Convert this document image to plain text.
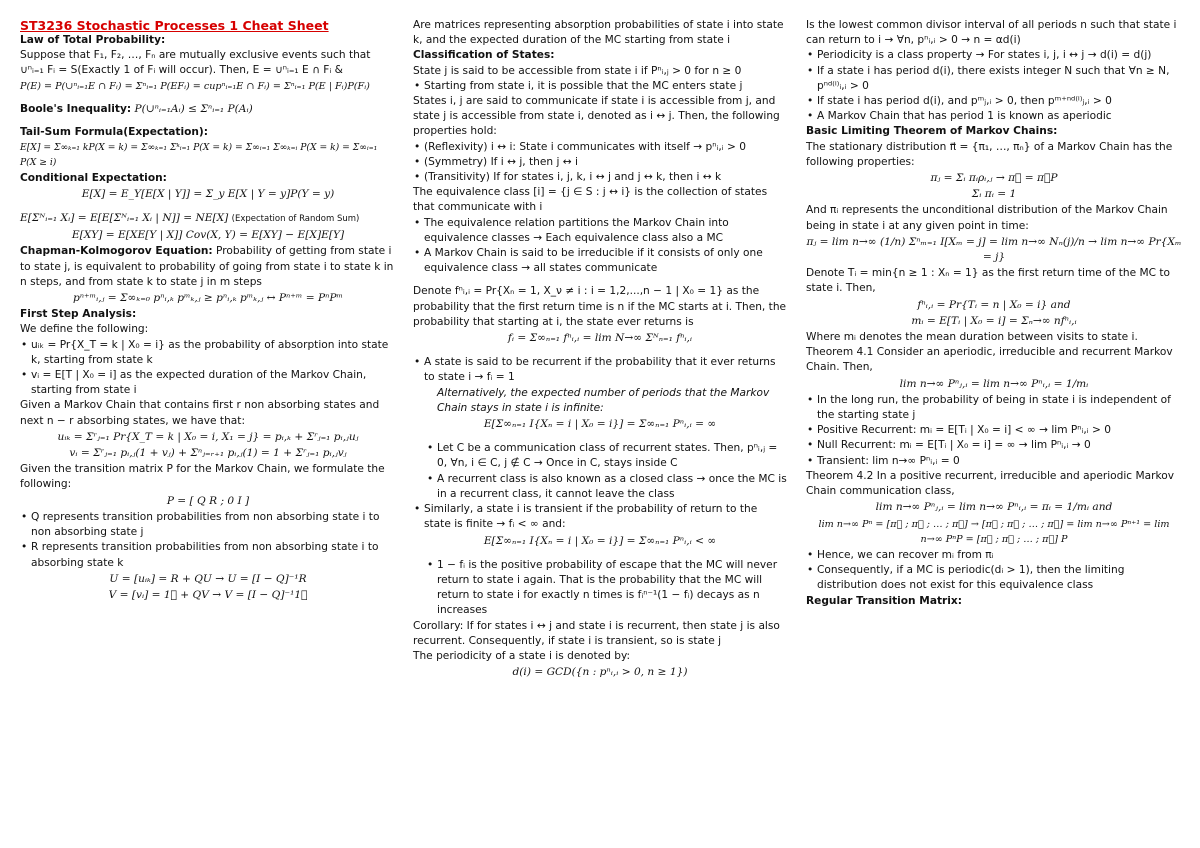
ST3236 Stochastic Processes 1 Cheat Sheet

Law of Total Probability:

Suppose that F₁, F₂, …, Fₙ are mutually exclusive events such that ∪ⁿᵢ₌₁ Fᵢ = S(Exactly 1 of Fᵢ will occur). Then, E = ∪ⁿᵢ₌₁ E ∩ Fᵢ &

P(E) = P(∪ⁿᵢ₌₁E ∩ Fᵢ) = Σⁿᵢ₌₁ P(EFᵢ) = cupⁿᵢ₌₁E ∩ Fᵢ) = Σⁿᵢ₌₁ P(E | Fᵢ)P(Fᵢ)

Boole's Inequality: P(∪ⁿᵢ₌₁Aᵢ) ≤ Σⁿᵢ₌₁ P(Aᵢ)

Tail-Sum Formula(Expectation):

E[X] = Σ∞ₖ₌₁ kP(X = k) = Σ∞ₖ₌₁ Σᵏᵢ₌₁ P(X = k) = Σ∞ᵢ₌₁ Σ∞ₖ₌ᵢ P(X = k) = Σ∞ᵢ₌₁ P(X ≥ i)

Conditional Expectation:

E[X] = E_Y[E[X | Y]] = Σ_y E[X | Y = y]P(Y = y)

E[Σᴺᵢ₌₁ Xᵢ] = E[E[Σᴺᵢ₌₁ Xᵢ | N]] = NE[X] (Expectation of Random Sum)

E[XY] = E[XE[Y | X]] Cov(X, Y) = E[XY] − E[X]E[Y]

Chapman-Kolmogorov Equation: Probability of getting from state i to state j, is equivalent to probability of going from state i to state k in n steps, and from state k to state j in m steps

pⁿ⁺ᵐᵢ,ⱼ = Σ∞ₖ₌₀ pⁿᵢ,ₖ pᵐₖ,ⱼ ≥ pⁿᵢ,ₖ pᵐₖ,ⱼ ↔ Pⁿ⁺ᵐ = PⁿPᵐ

First Step Analysis:

We define the following:

• uᵢₖ = Pr{X_T = k | X₀ = i} as the probability of absorption into state k, starting from state k

• vᵢ = E[T | X₀ = i] as the expected duration of the Markov Chain, starting from state i

Given a Markov Chain that contains first r non absorbing states and next n − r absorbing states, we have that:

uᵢₖ = Σʳⱼ₌₁ Pr{X_T = k | X₀ = i, X₁ = j} = pᵢ,ₖ + Σʳⱼ₌₁ pᵢ,ⱼuⱼ

vᵢ = Σʳⱼ₌₁ pᵢ,ⱼ(1 + vⱼ) + Σⁿⱼ₌ᵣ₊₁ pᵢ,ⱼ(1) = 1 + Σʳⱼ₌₁ pᵢ,ⱼvⱼ

Given the transition matrix P for the Markov Chain, we formulate the following:

P = [ Q R ; 0 I ]

• Q represents transition probabilities from non absorbing state i to non absorbing state j

• R represents transition probabilities from non absorbing state i to absorbing state k

U = [uᵢₖ] = R + QU → U = [I − Q]⁻¹R

V = [vᵢ] = 1⃗ + QV → V = [I − Q]⁻¹1⃗

Are matrices representing absorption probabilities of state i into state k, and the expected duration of the MC starting from state i

Classification of States:

State j is said to be accessible from state i if Pⁿᵢ,ⱼ > 0 for n ≥ 0

• Starting from state i, it is possible that the MC enters state j

States i, j are said to communicate if state i is accessible from j, and state j is accessible from state i, denoted as i ↔ j. Then, the following properties hold:

• (Reflexivity) i ↔ i: State i communicates with itself → pⁿᵢ,ᵢ > 0

• (Symmetry) If i ↔ j, then j ↔ i

• (Transitivity) If for states i, j, k, i ↔ j and j ↔ k, then i ↔ k

The equivalence class [i] = {j ∈ S : j ↔ i} is the collection of states that communicate with i

• The equivalence relation partitions the Markov Chain into equivalence classes → Each equivalence class also a MC

• A Markov Chain is said to be irreducible if it consists of only one equivalence class → all states communicate

Denote fⁿᵢ,ᵢ = Pr{Xₙ = 1, X_ν ≠ i : i = 1,2,...,n − 1 | X₀ = 1} as the probability that the first return time is n if the MC starts at i. Then, the probability that starting at i, the state ever returns is

fᵢ = Σ∞ₙ₌₁ fⁿᵢ,ᵢ = lim N→∞ Σᴺₙ₌₁ fⁿᵢ,ᵢ

• A state is said to be recurrent if the probability that it ever returns to state i → fᵢ = 1

Alternatively, the expected number of periods that the Markov Chain stays in state i is infinite:

E[Σ∞ₙ₌₁ I{Xₙ = i | X₀ = i}] = Σ∞ₙ₌₁ Pⁿᵢ,ᵢ = ∞

• Let C be a communication class of recurrent states. Then, pⁿᵢ,ⱼ = 0, ∀n, i ∈ C, j ∉ C → Once in C, stays inside C

• A recurrent class is also known as a closed class → once the MC is in a recurrent class, it cannot leave the class

• Similarly, a state i is transient if the probability of return to the state is finite → fᵢ < ∞ and:

E[Σ∞ₙ₌₁ I{Xₙ = i | X₀ = i}] = Σ∞ₙ₌₁ Pⁿᵢ,ᵢ < ∞

• 1 − fᵢ is the positive probability of escape that the MC will never return to state i again. That is the probability that the MC will return to state i for exactly n times is fᵢⁿ⁻¹(1 − fᵢ) decays as n increases

Corollary: If for states i ↔ j and state i is recurrent, then state j is also recurrent. Consequently, if state i is transient, so is state j

The periodicity of a state i is denoted by:

d(i) = GCD({n : pⁿᵢ,ᵢ > 0, n ≥ 1})

Is the lowest common divisor interval of all periods n such that state i can return to i → ∀n, pⁿᵢ,ᵢ > 0 → n = αd(i)

• Periodicity is a class property → For states i, j, i ↔ j → d(i) = d(j)

• If a state i has period d(i), there exists integer N such that ∀n ≥ N, pⁿᵈ⁽ⁱ⁾ᵢ,ᵢ > 0

• If state i has period d(i), and pᵐⱼ,ᵢ > 0, then pᵐ⁺ⁿᵈ⁽ⁱ⁾ⱼ,ᵢ > 0

• A Markov Chain that has period 1 is known as aperiodic

Basic Limiting Theorem of Markov Chains:

The stationary distribution π⃗ = {π₁, …, πₙ} of a Markov Chain has the following properties:

πⱼ = Σᵢ πᵢρᵢ,ⱼ → π⃗ = π⃗P

Σᵢ πᵢ = 1

And πᵢ represents the unconditional distribution of the Markov Chain being in state i at any given point in time:

πⱼ = lim n→∞ (1/n) Σⁿₘ₌₁ I[Xₘ = j] = lim n→∞ Nₙ(j)/n → lim n→∞ Pr{Xₘ = j}

Denote Tᵢ = min{n ≥ 1 : Xₙ = 1} as the first return time of the MC to state i. Then,

fⁿᵢ,ᵢ = Pr{Tᵢ = n | X₀ = i} and

mᵢ = E[Tᵢ | X₀ = i] = Σₙ→∞ nfⁿᵢ,ᵢ

Where mᵢ denotes the mean duration between visits to state i.

Theorem 4.1 Consider an aperiodic, irreducible and recurrent Markov Chain. Then,

lim n→∞ Pⁿⱼ,ᵢ = lim n→∞ Pⁿᵢ,ᵢ = 1/mᵢ

• In the long run, the probability of being in state i is independent of the starting state j

• Positive Recurrent: mᵢ = E[Tᵢ | X₀ = i] < ∞ → lim Pⁿᵢ,ᵢ > 0

• Null Recurrent: mᵢ = E[Tᵢ | X₀ = i] = ∞ → lim Pⁿᵢ,ᵢ → 0

• Transient: lim n→∞ Pⁿᵢ,ᵢ = 0

Theorem 4.2 In a positive recurrent, irreducible and aperiodic Markov Chain communication class,

lim n→∞ Pⁿⱼ,ᵢ = lim n→∞ Pⁿᵢ,ᵢ = πᵢ = 1/mᵢ and

lim n→∞ Pⁿ = [π⃗ ; π⃗ ; … ; π⃗] → [π⃗ ; π⃗ ; … ; π⃗] = lim n→∞ Pⁿ⁺¹ = lim n→∞ PⁿP = [π⃗ ; π⃗ ; … ; π⃗] P

• Hence, we can recover mᵢ from πᵢ

• Consequently, if a MC is periodic(dᵢ > 1), then the limiting distribution does not exist for this equivalence class

Regular Transition Matrix:
